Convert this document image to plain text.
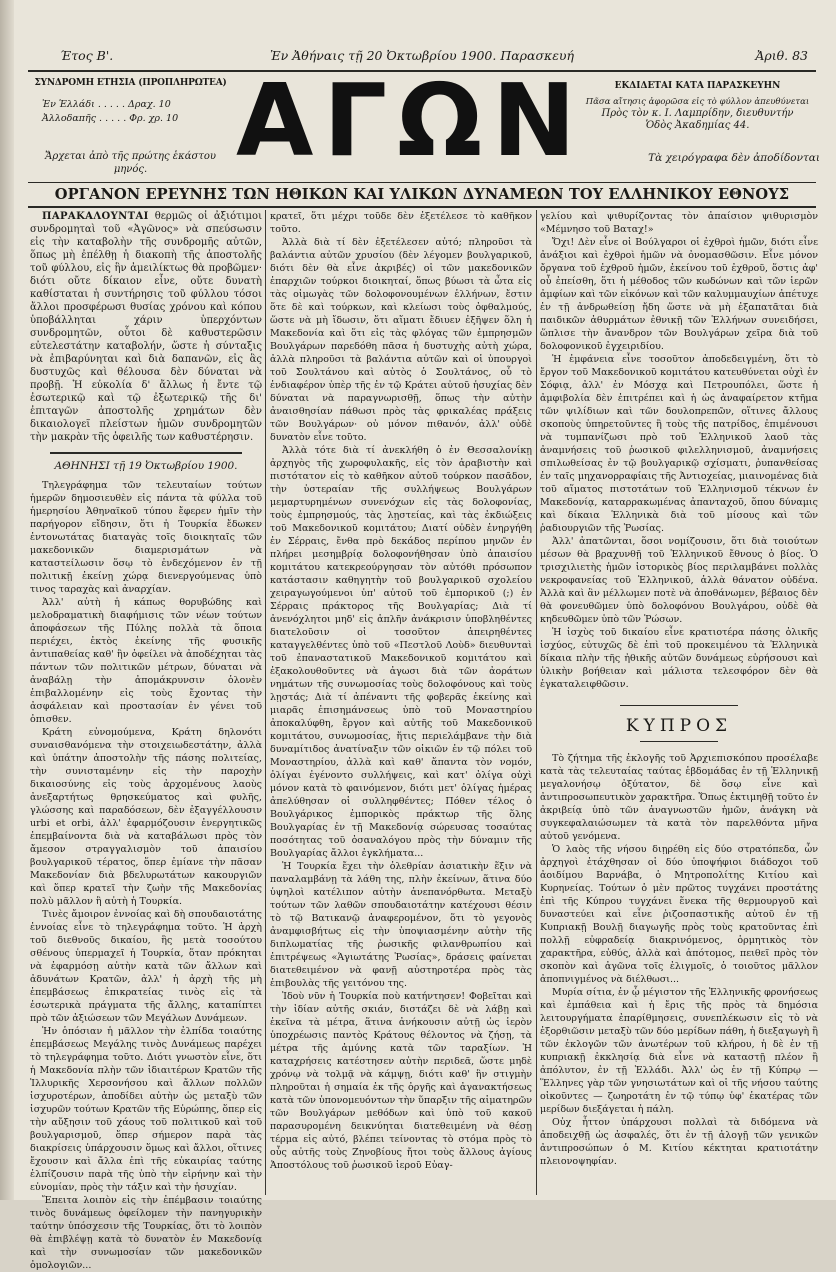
Έτος Β'.	Ἐν Ἀθήναις τῇ 20 Ὀκτωβρίου 1900. Παρασκευή	Ἀριθ. 83
ΣΥΝΔΡΟΜΗ ΕΤΗΣΙΑ (ΠΡΟΠΛΗΡΩΤΕΑ)
Ἐν Ἑλλάδι . . . . . Δραχ. 10
Ἀλλοδαπῆς . . . . . Φρ. χρ. 10
Ἄρχεται ἀπὸ τῆς πρώτης ἑκάστου μηνός. ΑΓΩΝ	ΕΚΔΙΔΕΤΑΙ ΚΑΤΑ ΠΑΡΑΣΚΕΥΗΝ
Πᾶσα αἴτησις ἀφορῶσα εἰς τὸ φύλλον ἀπευθύνεται
Πρὸς τὸν κ. Ι. Λαμπρίδην, διευθυντήν
Ὁδὸς Ἀκαδημίας 44.
Τὰ χειρόγραφα δὲν ἀποδίδονται
ΟΡΓΑΝΟΝ ΕΡΕΥΝΗΣ ΤΩΝ ΗΘΙΚΩΝ ΚΑΙ ΥΛΙΚΩΝ ΔΥΝΑΜΕΩΝ ΤΟΥ ΕΛΛΗΝΙΚΟΥ ΕΘΝΟΥΣ

ΠΑΡΑΚΑΛΟΥΝΤΑΙ θερμῶς οἱ ἀξιότιμοι συνδρομηταὶ τοῦ «Ἀγῶνος» νὰ σπεύσωσιν εἰς τὴν καταβολὴν τῆς συνδρομῆς αὐτῶν, ὅπως μὴ ἐπέλθῃ ἡ διακοπὴ τῆς ἀποστολῆς τοῦ φύλλου, εἰς ἣν ἀμειλίκτως θὰ προβῶμεν· διότι οὔτε δίκαιον εἶνε, οὔτε δυνατὴ καθίσταται ἡ συντήρησις τοῦ φύλλου τόσοι ἄλλοι προσφέρωσι θυσίας χρόνου καὶ κόπου ὑποβάλληται χάριν ὑπερχόντων συνδρομητῶν, οὗτοι δὲ καθυστερῶσιν εὐτελεστάτην καταβολήν, ὥστε ἡ σύνταξις νὰ ἐπιβαρύνηται καὶ διὰ δαπανῶν, εἰς ἃς δυστυχῶς καὶ θέλουσα δὲν δύναται νὰ προβῇ. Ἡ εὐκολία δ' ἄλλως ἡ ἔντε τῷ ἐσωτερικῷ καὶ τῷ ἐξωτερικῷ τῆς δι' ἐπιταγῶν ἀποστολῆς χρημάτων δὲν δικαιολογεῖ πλείστων ἡμῶν συνδρομητῶν τὴν μακρὰν τῆς ὀφειλῆς των καθυστέρησιν.

ΑΘΗΝΗΣΙ τῇ 19 Ὀκτωβρίου 1900.

Τηλεγράφημα τῶν τελευταίων τούτων ἡμερῶν δημοσιευθὲν εἰς πάντα τὰ φύλλα τοῦ ἡμερησίου Ἀθηναϊκοῦ τύπου ἔφερεν ἡμῖν τὴν παρήγορον εἴδησιν, ὅτι ἡ Τουρκία ἔδωκεν ἐντονωτάτας διαταγὰς τοῖς διοικηταῖς τῶν μακεδονικῶν διαμερισμάτων νὰ καταστείλωσιν ὅσῳ τὸ ἐνδεχόμενον ἐν τῇ πολιτικῇ ἐκείνῃ χώρᾳ διενεργούμενας ὑπὸ τινος ταραχὰς καὶ ἀναρχίαν.

Ἀλλ' αὐτὴ ἡ κάπως θορυβώδης καὶ μελοδραματικὴ διαφήμισις τῶν νέων τούτων ἀποφάσεων τῆς Πύλης πολλὰ τὰ ὅποια περιέχει, ἐκτὸς ἐκείνης τῆς φυσικῆς ἀντιπαθείας καθ' ἢν ὀφείλει νὰ ἀποδέχηται τὰς πάντων τῶν πολιτικῶν μέτρων, δύναται νὰ ἀναβάλῃ τὴν ἀπομάκρυνσιν ὁλονὲν ἐπιβαλλομένην εἰς τοὺς ἔχοντας τὴν ἀσφάλειαν καὶ προστασίαν ἐν γένει τοῦ ὀπισθεν.

Κράτη εὐνομούμενα, Κράτη δηλονότι συναισθανόμενα τὴν στοιχειωδεστάτην, ἀλλὰ καὶ ὑπάτην ἀποστολὴν τῆς πάσης πολιτείας, τὴν συνισταμένην εἰς τὴν παροχὴν δικαιοσύνης εἰς τοὺς ἀρχομένους λαοὺς ἀνεξαρτήτως θρησκεύματος καὶ φυλῆς, γλώσσης καὶ παραδόσεων, δὲν ἐξαγγέλλουσιν urbi et orbi, ἀλλ' ἐφαρμόζουσιν ἐνεργητικῶς ἐπεμβαίνοντα διὰ νὰ καταβάλωσι πρὸς τὸν ἄμεσον στραγγαλισμὸν τοῦ ἀπαισίου βουλγαρικοῦ τέρατος, ὅπερ ἐμίανε τὴν πᾶσαν Μακεδονίαν διὰ βδελυρωτάτων κακουργιῶν καὶ ὅπερ κρατεῖ τὴν ζωὴν τῆς Μακεδονίας πολὺ μᾶλλον ἢ αὐτὴ ἡ Τουρκία.

Τινὲς ἄμοιρον ἐννοίας καὶ δὴ σπουδαιοτάτης ἐννοίας εἶνε τὸ τηλεγράφημα τοῦτο. Ἡ ἀρχὴ τοῦ διεθνοῦς δικαίου, ἣς μετὰ τοσούτου σθένους ὑπερμαχεῖ ἡ Τουρκία, ὅταν πρόκηται νὰ ἐφαρμόσῃ αὐτὴν κατὰ τῶν ἄλλων καὶ ἀδυνάτων Κρατῶν, ἀλλ' ἡ ἀρχὴ τῆς μὴ ἐπεμβάσεως ἐπικρατείας τινὸς εἰς τὰ ἐσωτερικὰ πράγματα τῆς ἄλλης, καταπίπτει πρὸ τῶν ἀξιώσεων τῶν Μεγάλων Δυνάμεων.

Ἡν ὁπόσιαν ἡ μᾶλλον τὴν ἐλπίδα τοιαύτης ἐπεμβάσεως Μεγάλης τινὸς Δυνάμεως παρέχει τὸ τηλεγράφημα τοῦτο. Διότι γνωστὸν εἶνε, ὅτι ἡ Μακεδονία πλὴν τῶν ἰδιαιτέρων Κρατῶν τῆς Ἰλλυρικῆς Χερσονήσου καὶ ἄλλων πολλῶν ἰσχυροτέρων, ἀποδίδει αὐτὴν ὡς μεταξὺ τῶν ἰσχυρῶν τούτων Κρατῶν τῆς Εὐρώπης, ὅπερ εἰς τὴν αὔξησιν τοῦ χάους τοῦ πολιτικοῦ καὶ τοῦ βουλγαρισμοῦ, ὅπερ σήμερον παρὰ τὰς διακρίσεις ὑπάρχουσιν ὅμως καὶ ἄλλοι, οἵτινες ἔχουσιν καὶ ἄλλα ἐπὶ τῆς εὐκαιρίας ταύτης ἐλπίζουσιν παρὰ τῆς ὑπὸ τὴν εἰρήνην καὶ τὴν εὐνομίαν, πρὸς τὴν τάξιν καὶ τὴν ἡσυχίαν.

Ἔπειτα λοιπὸν εἰς τὴν ἐπέμβασιν τοιαύτης τινὸς δυνάμεως ὀφείλομεν τὴν πανηγυρικὴν ταύτην ὑπόσχεσιν τῆς Τουρκίας, ὅτι τὸ λοιπὸν θὰ ἐπιβλέψῃ κατὰ τὸ δυνατὸν ἐν Μακεδονίᾳ καὶ τὴν συνωμοσίαν τῶν μακεδονικῶν ὀμολογιῶν...

κρατεῖ, ὅτι μέχρι τοῦδε δὲν ἐξετέλεσε τὸ καθῆκον τοῦτο.

Ἀλλὰ διὰ τί δὲν ἐξετέλεσεν αὐτό; πληροῦσι τὰ βαλάντια αὐτῶν χρυσίου (δὲν λέγομεν βουλγαρικοῦ, διότι δὲν θὰ εἶνε ἀκριβές) οἱ τῶν μακεδονικῶν ἐπαρχιῶν τούρκοι διοικηταί, ὅπως βύωσι τὰ ὦτα εἰς τὰς οἰμωγὰς τῶν δολοφονουμένων ἑλλήνων, ἔστιν ὅτε δὲ καὶ τούρκων, καὶ κλείωσι τοὺς ὀφθαλμούς, ὥστε νὰ μὴ ἴδωσιν, ὅτι αἵματι ἔδιυεν ἐξῆψεν ὅλη ἡ Μακεδονία καὶ ὅτι εἰς τὰς φλόγας τῶν ἐμπρησμῶν Βουλγάρων παρεδόθη πᾶσα ἡ δυστυχὴς αὐτὴ χώρα, ἀλλὰ πληροῦσι τὰ βαλάντια αὐτῶν καὶ οἱ ὑπουργοὶ τοῦ Σουλτάνου καὶ αὐτὸς ὁ Σουλτάνος, οὗ τὸ ἐνδιαφέρον ὑπὲρ τῆς ἐν τῷ Κράτει αὐτοῦ ἡσυχίας δὲν δύναται νὰ παραγνωρισθῇ, ὅπως τὴν αὐτὴν ἀναισθησίαν πάθωσι πρὸς τὰς φρικαλέας πράξεις τῶν Βουλγάρων· οὐ μόνον πιθανόν, ἀλλ' οὐδὲ δυνατὸν εἶνε τοῦτο.

Ἀλλὰ τότε διὰ τί ἀνεκλήθη ὁ ἐν Θεσσαλονίκῃ ἀρχηγὸς τῆς χωροφυλακῆς, εἰς τὸν ἀραβιστὴν καὶ πιστότατον εἰς τὸ καθῆκον αὐτοῦ τούρκον πασᾶδον, τὴν ὑστεραίαν τῆς συλλήψεως Βουλγάρων μεμαρτυρημένων συνενόχων εἰς τὰς δολοφονίας, τοὺς ἐμπρησμούς, τὰς λῃστείας, καὶ τὰς ἐκδιώξεις τοῦ Μακεδονικοῦ κομιτάτου; Διατί οὐδὲν ἐνηργήθη ἐν Σέρραις, ἔνθα πρὸ δεκάδος περίπου μηνῶν ἐν πλήρει μεσημβρίᾳ δολοφονήθησαν ὑπὸ ἀπαισίου κομιτάτου κατεκρεούργησαν τὸν αὐτόθι πρόσωπον κατάστασιν καθηγητὴν τοῦ βουλγαρικοῦ σχολείου χειραγωγούμενοι ὑπ' αὐτοῦ τοῦ ἐμπορικοῦ (;) ἐν Σέρραις πράκτορος τῆς Βουλγαρίας; Διὰ τί ἀνενόχλητοι μηδ' εἰς ἁπλῆν ἀνάκρισιν ὑποβληθέντες διατελοῦσιν οἱ τοσοῦτον ἀπειρηθέντες καταγγελθέντες ὑπὸ τοῦ «Πεστλοῦ Λοὺδ» διευθυνταὶ τοῦ ἐπαναστατικοῦ Μακεδονικοῦ κομιτάτου καὶ ἐξακολουθοῦντες νὰ ἀγωσι διὰ τῶν ἀοράτων νημάτων τῆς συνωμοσίας τοὺς δολοφόνους καὶ τοὺς λῃστάς; Διὰ τί ἀπέναντι τῆς φοβερᾶς ἐκείνης καὶ μιαρᾶς ἐπισημάνσεως ὑπὸ τοῦ Μοναστηρίου ἀποκαλύφθη, ἔργον καὶ αὐτῆς τοῦ Μακεδονικοῦ κομιτάτου, συνωμοσίας, ἥτις περιελάμβανε τὴν διὰ δυναμίτιδος ἀνατίναξιν τῶν οἰκιῶν ἐν τῷ πόλει τοῦ Μοναστηρίου, ἀλλὰ καὶ καθ' ἅπαντα τὸν νομόν, ὀλίγαι ἐγένοντο συλλήψεις, καὶ κατ' ὀλίγα οὐχὶ μόνον κατὰ τὸ φαινόμενον, διότι μετ' ὀλίγας ἡμέρας ἀπελύθησαν οἱ συλληφθέντες; Πόθεν τέλος ὁ Βουλγάρικος ἐμπορικὸς πράκτωρ τῆς ὅλης Βουλγαρίας ἐν τῇ Μακεδονίᾳ σώρευσας τοσαύτας ποσότητας τοῦ ὀσαναλόγου πρὸς τὴν δύναμιν τῆς Βουλγαρίας ἄλλοι ἐγκλήματα...

Ἡ Τουρκία ἔχει τὴν ὀλεθρίαν ἀσιατικὴν ἕξιν νὰ παναλαμβάνῃ τὰ λάθη της, πλὴν ἐκείνων, ἅτινα δύο ὑψηλοὶ κατέλιπον αὐτὴν ἀνεπανόρθωτα. Μεταξὺ τούτων τῶν λαθῶν σπουδαιοτάτην κατέχουσι θέσιν τὸ τῷ Βατικανῷ ἀναφερομένον, ὅτι τὸ γεγονὸς ἀναμφισβήτως εἰς τὴν ὑποψιασμένην αὐτὴν τῆς διπλωματίας τῆς ῥωσικῆς φιλανθρωπίου καὶ ἐπιτρέψεως «Ἁγιωτάτης Ῥωσίας», δράσεις φαίνεται διατεθειμένον νὰ φανῇ αὐστηροτέρα πρὸς τὰς ἐπιβουλὰς τῆς γειτόνου της.

Ἰδοὺ νῦν ἡ Τουρκία ποὺ κατήντησεν! Φοβεῖται καὶ τὴν ἰδίαν αὐτῆς σκιάν, διστάζει δὲ νὰ λάβῃ καὶ ἐκεῖνα τὰ μέτρα, ἅτινα ἀνήκουσιν αὐτῇ ὡς ἱερὸν ὑποχρέωσις παντὸς Κράτους θέλοντος νὰ ζήσῃ, τὰ μέτρα τῆς ἀμύνης κατὰ τῶν ταραξίων. Ἡ καταχρήσεις κατέστησεν αὐτὴν περιδεᾶ, ὥστε μηδὲ χρόνῳ νὰ τολμᾷ νὰ κάμψῃ, διότι καθ' ἣν στιγμὴν πληροῦται ἡ σημαία ἐκ τῆς ὀργῆς καὶ ἀγανακτήσεως κατὰ τῶν ὑπονομευόντων τὴν ὕπαρξιν τῆς αἱματηρῶν τῶν Βουλγάρων μεθόδων καὶ ὑπὸ τοῦ κακοῦ παρασυρομένη δεικνύηται διατεθειμένη νὰ θέσῃ τέρμα εἰς αὐτό, βλέπει τείνοντας τὸ στόμα πρὸς τὸ οὖς αὐτῆς τοὺς Ζηνοβίους ἤτοι τοὺς ἄλλους ἁγίους Ἀποστόλους τοῦ ῥωσικοῦ ἱεροῦ Εὐαγ-

γελίου καὶ ψιθυρίζοντας τὸν ἀπαίσιον ψιθυρισμὸν «Μέμνησο τοῦ Βαταχ!»

Ὄχι! Δὲν εἶνε οἱ Βούλγαροι οἱ ἐχθροὶ ἡμῶν, διότι εἶνε ἀνάξιοι καὶ ἐχθροὶ ἡμῶν νὰ ὀνομασθῶσιν. Εἶνε μόνον ὄργανα τοῦ ἐχθροῦ ἡμῶν, ἐκείνου τοῦ ἐχθροῦ, ὅστις ἀφ' οὗ ἐπείσθη, ὅτι ἡ μέθοδος τῶν κωδώνων καὶ τῶν ἱερῶν ἀμφίων καὶ τῶν εἰκόνων καὶ τῶν καλυμμαυχίων ἀπέτυχε ἐν τῇ ἀνδρωθείσῃ ἤδη ὥστε νὰ μὴ ἐξαπατᾶται διὰ παιδικῶν ἀθυρμάτων ἐθνικῇ τῶν Ἑλλήνων συνειδήσει, ὥπλισε τὴν ἄνανδρον τῶν Βουλγάρων χεῖρα διὰ τοῦ δολοφονικοῦ ἐγχειριδίου.

Ἡ ἐμφάνεια εἶνε τοσοῦτον ἀποδεδειγμένη, ὅτι τὸ ἔργον τοῦ Μακεδονικοῦ κομιτάτου κατευθύνεται οὐχὶ ἐν Σόφιᾳ, ἀλλ' ἐν Μόσχᾳ καὶ Πετρουπόλει, ὥστε ἡ ἀμφιβολία δὲν ἐπιτρέπει καὶ ἡ ὡς ἀναφαίρετον κτῆμα τῶν ψιλίδιων καὶ τῶν δουλοπρεπῶν, οἵτινες ἄλλους σκοποὺς ὑπηρετοῦντες ἢ τοὺς τῆς πατρίδος, ἐπιμένουσι νὰ τυμπανίζωσι πρὸ τοῦ Ἑλληνικοῦ λαοῦ τὰς ἀναμνήσεις τοῦ ῥωσικοῦ φιλελληνισμοῦ, ἀναμνήσεις σπιλωθείσας ἐν τῷ βουλγαρικῷ σχίσματι, ῥυπανθείσας ἐν ταῖς μηχανορραφίαις τῆς Ἀντιοχείας, μιαινομένας διὰ τοῦ αἵματος πιστοτάτων τοῦ Ἑλληνισμοῦ τέκνων ἐν Μακεδονίᾳ, καταρρακωμένας ἀπανταχοῦ, ὅπου δύναμις καὶ δίκαια Ἑλληνικὰ διὰ τοῦ μίσους καὶ τῶν ῥαδιουργιῶν τῆς Ῥωσίας.

Ἀλλ' ἀπατῶνται, ὅσοι νομίζουσιν, ὅτι διὰ τοιούτων μέσων θὰ βραχυνθῇ τοῦ Ἑλληνικοῦ ἔθνους ὁ βίος. Ὁ τρισχιλιετὴς ἡμῶν ἱστορικὸς βίος περιλαμβάνει πολλὰς νεκροφανείας τοῦ Ἑλληνικοῦ, ἀλλὰ θάνατον οὐδένα. Ἀλλὰ καὶ ἂν μέλλωμεν ποτὲ νὰ ἀποθάνωμεν, βέβαιος δὲν θὰ φονευθῶμεν ὑπὸ δολοφόνου Βουλγάρου, οὐδὲ θὰ κηδευθῶμεν ὑπὸ τῶν Ῥώσων.

Ἡ ἰσχὺς τοῦ δικαίου εἶνε κρατιοτέρα πάσης ὀλικῆς ἰσχύος, εὐτυχῶς δὲ ἐπὶ τοῦ προκειμένου τὰ Ἑλληνικὰ δίκαια πλὴν τῆς ἠθικῆς αὐτῶν δυνάμεως εὑρήσουσι καὶ ὑλικὴν βοήθειαν καὶ μάλιστα τελεσφόρον δὲν θὰ ἐγκαταλειφθῶσιν.

ΚΥΠΡΟΣ

Τὸ ζήτημα τῆς ἐκλογῆς τοῦ Ἀρχιεπισκόπου προσέλαβε κατὰ τὰς τελευταίας ταύτας ἑβδομάδας ἐν τῇ Ἑλληνικῇ μεγαλονήσῳ ὀξύτατον, δὲ ὅσῳ εἶνε καὶ ἀντιπροσωπευτικὸν χαρακτῆρα. Ὅπως ἐκτιμηθῇ τοῦτο ἐν ἀκριβείᾳ ὑπὸ τῶν ἀναγνωστῶν ἡμῶν, ἀνάγκη νὰ συγκεφαλαιώσωμεν τὰ κατὰ τὸν παρελθόντα μῆνα αὐτοῦ γενόμενα.

Ὁ λαὸς τῆς νήσου διῃρέθη εἰς δύο στρατόπεδα, ὧν ἀρχηγοὶ ἐτάχθησαν οἱ δύο ὑποψήφιοι διάδοχοι τοῦ ἀοιδίμου Βαρνάβα, ὁ Μητροπολίτης Κιτίου καὶ Κυρηνείας. Τούτων ὁ μὲν πρῶτος τυγχάνει προστάτης ἐπὶ τῆς Κύπρου τυγχάνει ἕνεκα τῆς θερμουργοῦ καὶ δυναστεύει καὶ εἶνε ῥιζοσπαστικῆς αὐτοῦ ἐν τῇ Κυπριακῇ Βουλῇ διαγωγῆς πρὸς τοὺς κρατοῦντας ἐπὶ πολλῇ εὐφραδείᾳ διακρινόμενος, ὁρμητικὸς τὸν χαρακτῆρα, εὐθύς, ἀλλὰ καὶ ἀπότομος, πειθεῖ πρὸς τὸν σκοπὸν καὶ ἀγῶνα τοῖς ἑλιγμοῖς, ὁ τοιοῦτος μᾶλλον ἀποπνιγμένος νὰ διέλθωσι...

Μυρία σίτια, ἐν ᾧ μέγιστον τῆς Ἑλληνικῆς φρονήσεως καὶ ἐμπάθεια καὶ ἡ ἔρις τῆς πρὸς τὰ δημόσια λειτουργήματα ἐπαρίθμησεις, συνεπλέκωσιν εἰς τὸ νὰ ἐξορθιῶσιν μεταξὺ τῶν δύο μερίδων πάθη, ἡ διεξαγωγὴ ἢ τῶν ἐκλογῶν τῶν ἀνωτέρων τοῦ κλήρου, ἡ δὲ ἐν τῇ κυπριακῇ ἐκκλησίᾳ διὰ εἶνε νὰ καταστῇ πλέον ἢ ἀπόλυτον, ἐν τῇ Ἑλλάδι. Ἀλλ' ὡς ἐν τῇ Κύπρῳ — Ἕλληνες γὰρ τῶν γνησιωτάτων καὶ οἱ τῆς νήσου ταύτης οἰκοῦντες — ζωηροτάτη ἐν τῷ τύπῳ ὑφ' ἑκατέρας τῶν μερίδων διεξάγεται ἡ πάλη.

Οὐχ ἧττον ὑπάρχουσι πολλαὶ τὰ διδόμενα νὰ ἀποδειχθῇ ὡς ἀσφαλές, ὅτι ἐν τῇ ἀλογῇ τῶν γενικῶν ἀντιπροσώπων ὁ Μ. Κιτίου κέκτηται κρατιοτάτην πλειονοψηφίαν.
